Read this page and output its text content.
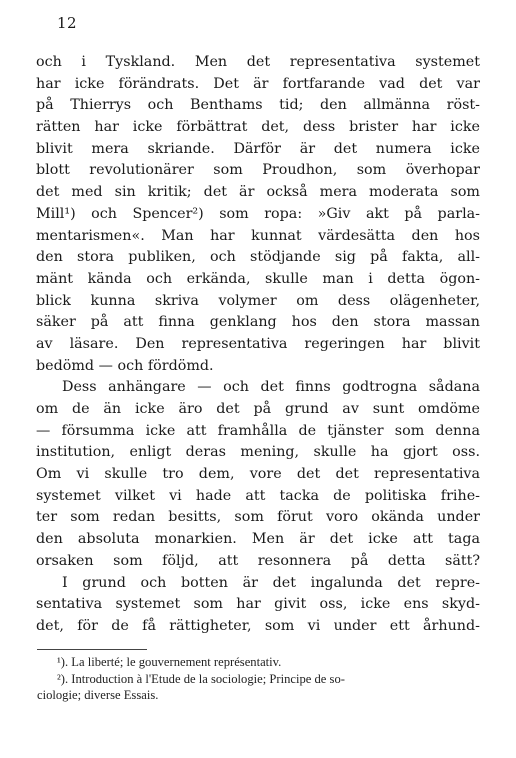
12
och i Tyskland. Men det representativa systemet
har icke förändrats. Det är fortfarande vad det var
på Thierrys och Benthams tid; den allmänna röst-
rätten har icke förbättrat det, dess brister har icke
blivit mera skriande. Därför är det numera icke
blott revolutionärer som Proudhon, som överhopar
det med sin kritik; det är också mera moderata som
Mill¹) och Spencer²) som ropa: »Giv akt på parla-
mentarismen«. Man har kunnat värdesätta den hos
den stora publiken, och stödjande sig på fakta, all-
mänt kända och erkända, skulle man i detta ögon-
blick kunna skriva volymer om dess olägenheter,
säker på att finna genklang hos den stora massan
av läsare. Den representativa regeringen har blivit
bedömd — och fördömd.
Dess anhängare — och det finns godtrogna sådana
om de än icke äro det på grund av sunt omdöme
— försumma icke att framhålla de tjänster som denna
institution, enligt deras mening, skulle ha gjort oss.
Om vi skulle tro dem, vore det det representativa
systemet vilket vi hade att tacka de politiska frihe-
ter som redan besitts, som förut voro okända under
den absoluta monarkien. Men är det icke att taga
orsaken som följd, att resonnera på detta sätt?
I grund och botten är det ingalunda det repre-
sentativa systemet som har givit oss, icke ens skyd-
det, för de få rättigheter, som vi under ett århund-
¹). La liberté; le gouvernement représentativ.
²). Introduction à l'Etude de la sociologie; Principe de so-
ciologie; diverse Essais.
